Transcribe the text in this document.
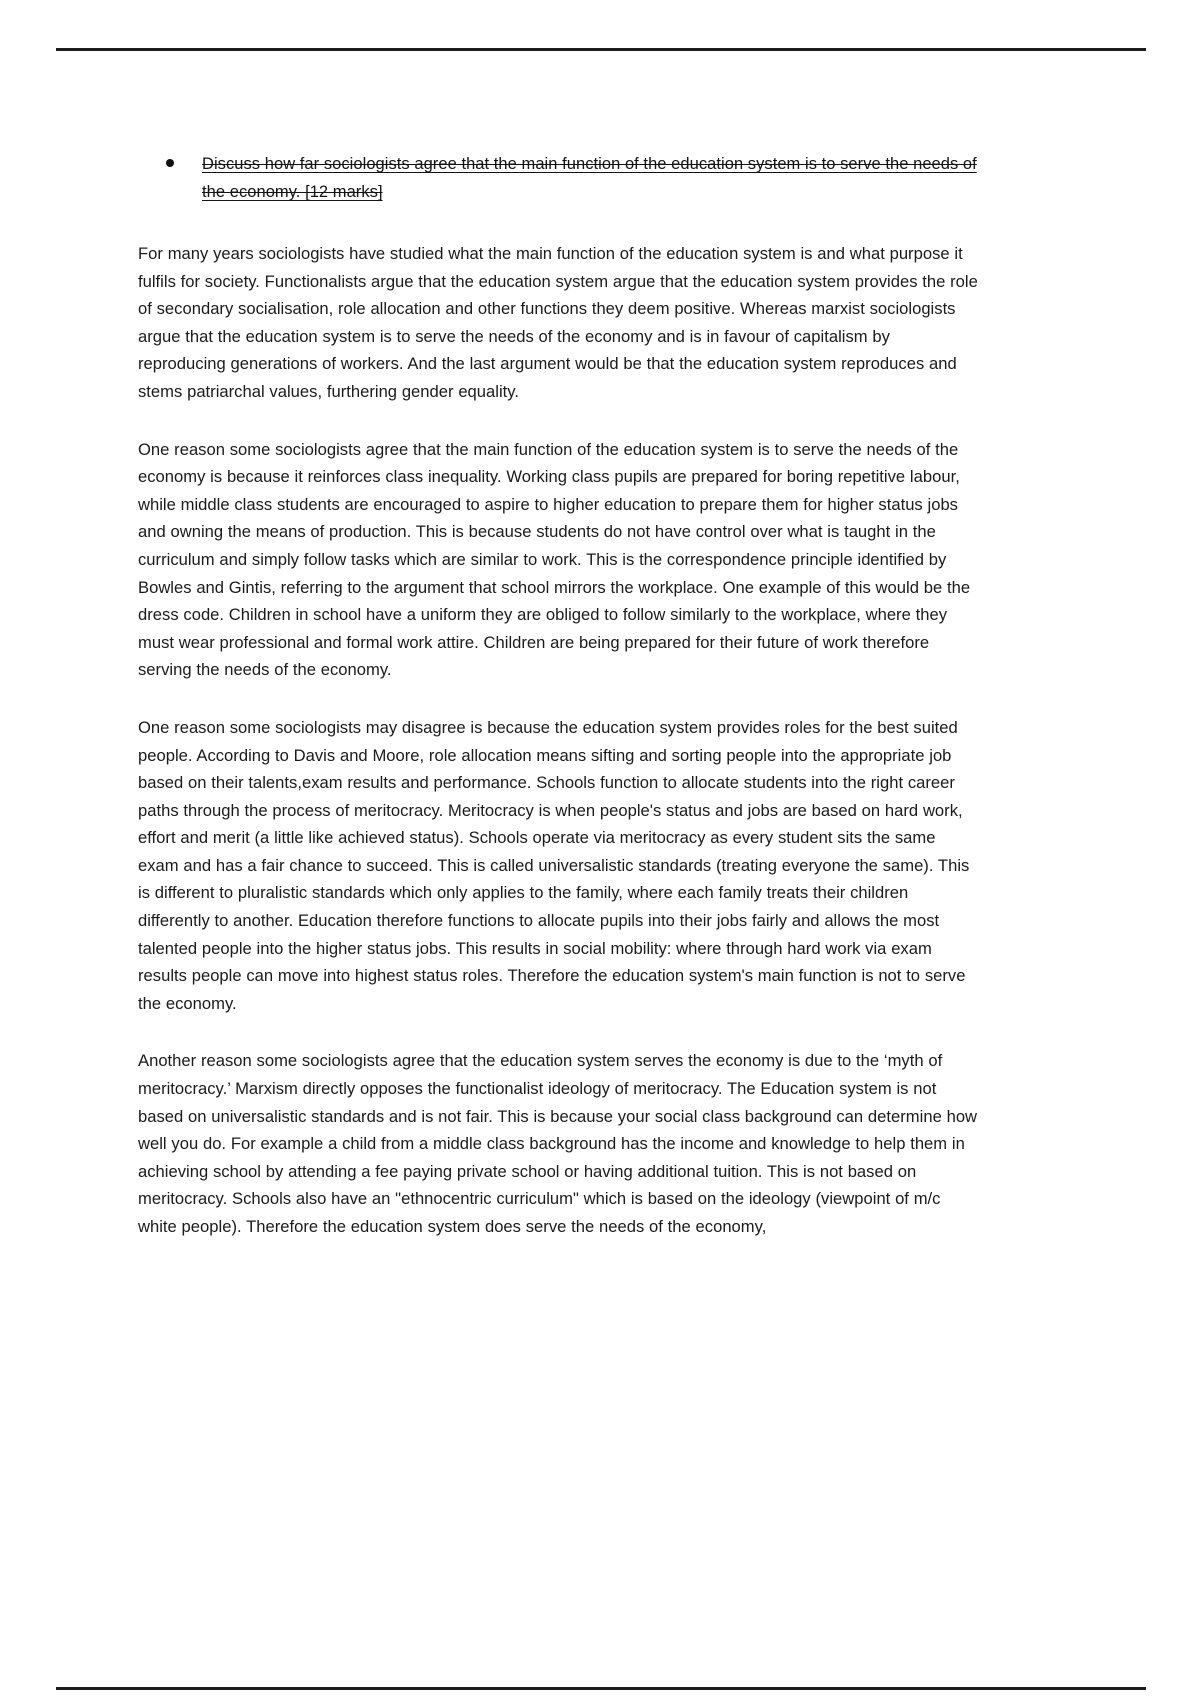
Discuss how far sociologists agree that the main function of the education system is to serve the needs of the economy. [12 marks]

For many years sociologists have studied what the main function of the education system is and what purpose it fulfils for society. Functionalists argue that the education system argue that the education system provides the role of secondary socialisation, role allocation and other functions they deem positive. Whereas marxist sociologists argue that the education system is to serve the needs of the economy and is in favour of capitalism by reproducing generations of workers. And the last argument would be that the education system reproduces and stems patriarchal values, furthering gender equality.

One reason some sociologists agree that the main function of the education system is to serve the needs of the economy is because it reinforces class inequality. Working class pupils are prepared for boring repetitive labour, while middle class students are encouraged to aspire to higher education to prepare them for higher status jobs and owning the means of production. This is because students do not have control over what is taught in the curriculum and simply follow tasks which are similar to work. This is the correspondence principle identified by Bowles and Gintis, referring to the argument that school mirrors the workplace. One example of this would be the dress code. Children in school have a uniform they are obliged to follow similarly to the workplace, where they must wear professional and formal work attire. Children are being prepared for their future of work therefore serving the needs of the economy.

One reason some sociologists may disagree is because the education system provides roles for the best suited people. According to Davis and Moore, role allocation means sifting and sorting people into the appropriate job based on their talents,exam results and performance. Schools function to allocate students into the right career paths through the process of meritocracy. Meritocracy is when people's status and jobs are based on hard work, effort and merit (a little like achieved status). Schools operate via meritocracy as every student sits the same exam and has a fair chance to succeed. This is called universalistic standards (treating everyone the same). This is different to pluralistic standards which only applies to the family, where each family treats their children differently to another. Education therefore functions to allocate pupils into their jobs fairly and allows the most talented people into the higher status jobs. This results in social mobility: where through hard work via exam results people can move into highest status roles. Therefore the education system's main function is not to serve the economy.

Another reason some sociologists agree that the education system serves the economy is due to the ‘myth of meritocracy.’ Marxism directly opposes the functionalist ideology of meritocracy. The Education system is not based on universalistic standards and is not fair. This is because your social class background can determine how well you do. For example a child from a middle class background has the income and knowledge to help them in achieving school by attending a fee paying private school or having additional tuition. This is not based on meritocracy. Schools also have an "ethnocentric curriculum" which is based on the ideology (viewpoint of m/c white people). Therefore the education system does serve the needs of the economy,
